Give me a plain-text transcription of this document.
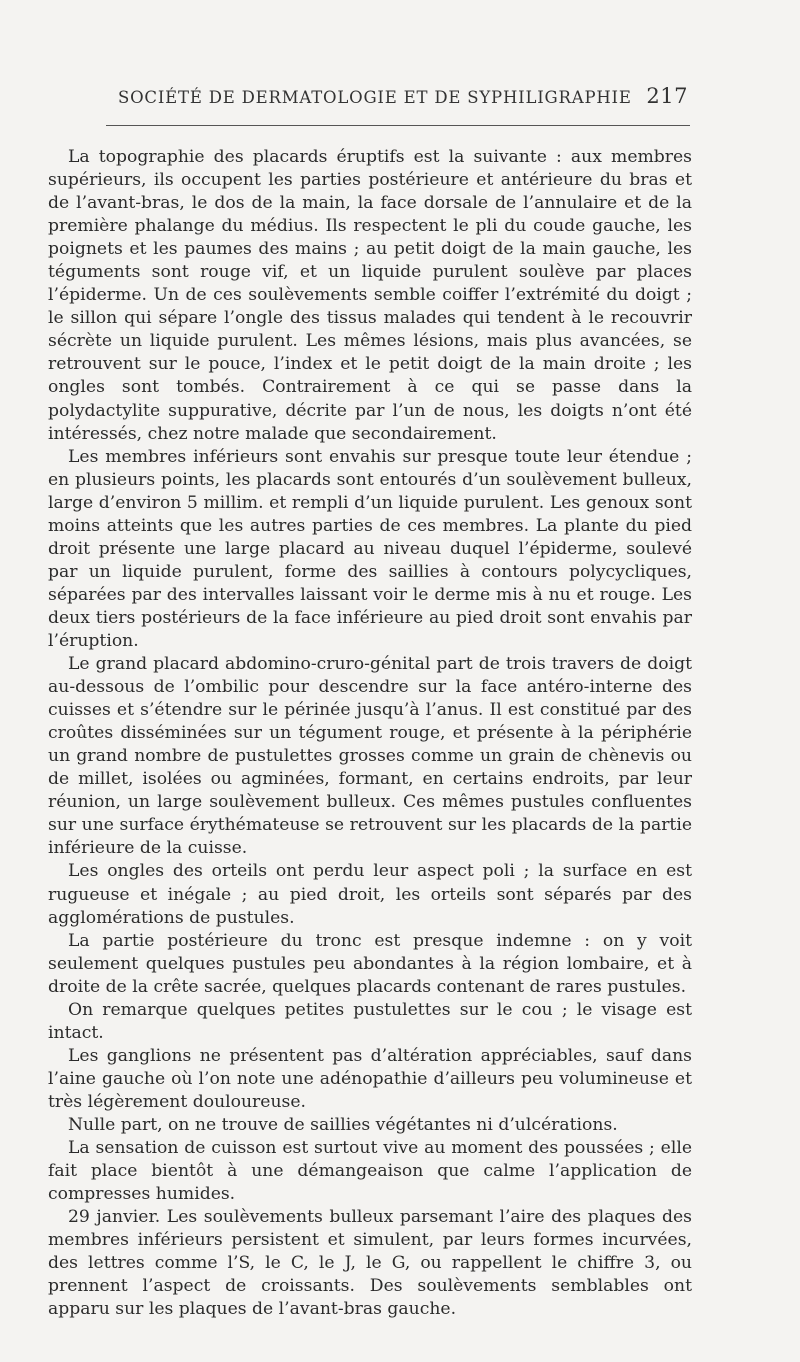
SOCIÉTÉ DE DERMATOLOGIE ET DE SYPHILIGRAPHIE 217

La topographie des placards éruptifs est la suivante : aux membres supérieurs, ils occupent les parties postérieure et antérieure du bras et de l’avant-bras, le dos de la main, la face dorsale de l’annulaire et de la première phalange du médius. Ils respectent le pli du coude gauche, les poignets et les paumes des mains ; au petit doigt de la main gauche, les téguments sont rouge vif, et un liquide purulent soulève par places l’épiderme. Un de ces soulèvements semble coiffer l’extrémité du doigt ; le sillon qui sépare l’ongle des tissus malades qui tendent à le recouvrir sécrète un liquide purulent. Les mêmes lésions, mais plus avancées, se retrouvent sur le pouce, l’index et le petit doigt de la main droite ; les ongles sont tombés. Contrairement à ce qui se passe dans la polydactylite suppurative, décrite par l’un de nous, les doigts n’ont été intéressés, chez notre malade que secondairement.

Les membres inférieurs sont envahis sur presque toute leur étendue ; en plusieurs points, les placards sont entourés d’un soulèvement bulleux, large d’environ 5 millim. et rempli d’un liquide purulent. Les genoux sont moins atteints que les autres parties de ces membres. La plante du pied droit présente une large placard au niveau duquel l’épiderme, soulevé par un liquide purulent, forme des saillies à contours polycycliques, séparées par des intervalles laissant voir le derme mis à nu et rouge. Les deux tiers postérieurs de la face inférieure au pied droit sont envahis par l’éruption.

Le grand placard abdomino-cruro-génital part de trois travers de doigt au-dessous de l’ombilic pour descendre sur la face antéro-interne des cuisses et s’étendre sur le périnée jusqu’à l’anus. Il est constitué par des croûtes disséminées sur un tégument rouge, et présente à la périphérie un grand nombre de pustulettes grosses comme un grain de chènevis ou de millet, isolées ou agminées, formant, en certains endroits, par leur réunion, un large soulèvement bulleux. Ces mêmes pustules confluentes sur une surface érythémateuse se retrouvent sur les placards de la partie inférieure de la cuisse.

Les ongles des orteils ont perdu leur aspect poli ; la surface en est rugueuse et inégale ; au pied droit, les orteils sont séparés par des agglomérations de pustules.

La partie postérieure du tronc est presque indemne : on y voit seulement quelques pustules peu abondantes à la région lombaire, et à droite de la crête sacrée, quelques placards contenant de rares pustules.

On remarque quelques petites pustulettes sur le cou ; le visage est intact.

Les ganglions ne présentent pas d’altération appréciables, sauf dans l’aine gauche où l’on note une adénopathie d’ailleurs peu volumineuse et très légèrement douloureuse.

Nulle part, on ne trouve de saillies végétantes ni d’ulcérations.

La sensation de cuisson est surtout vive au moment des poussées ; elle fait place bientôt à une démangeaison que calme l’application de compresses humides.

29 janvier. Les soulèvements bulleux parsemant l’aire des plaques des membres inférieurs persistent et simulent, par leurs formes incurvées, des lettres comme l’S, le C, le J, le G, ou rappellent le chiffre 3, ou prennent l’aspect de croissants. Des soulèvements semblables ont apparu sur les plaques de l’avant-bras gauche.
